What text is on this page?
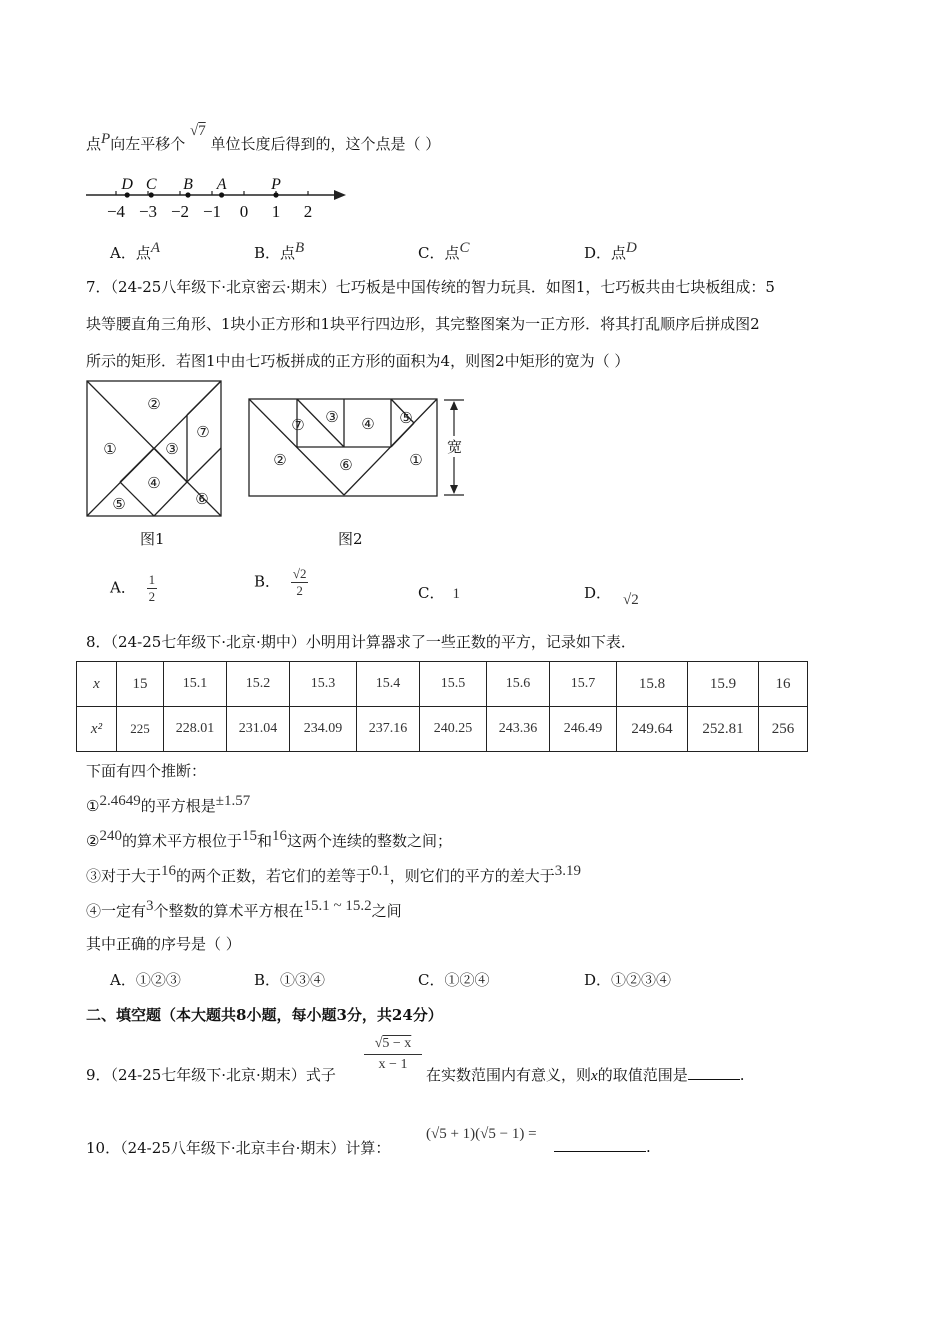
点$^P$向左平移个 √7 单位长度后得到的，这个点是（ ）
−4 −3 −2 −1 0 1 2
D C B A	P
A．点$^A$	B．点$^B$	C．点$^C$	D．点$^D$
7．（24-25八年级下·北京密云·期末）七巧板是中国传统的智力玩具．如图1，七巧板共由七块板组成：5
块等腰直角三角形、1块小正方形和1块平行四边形，其完整图案为一正方形．将其打乱顺序后拼成图2
所示的矩形．若图1中由七巧板拼成的正方形的面积为4，则图2中矩形的宽为（ ）
②
①	③
⑦
④
⑤	⑥
图1
⑦ ③ ④ ⑤
②	⑥	①
宽
图2
A． $\frac{1}{2}$	B． $\frac{√2}{2}$	C． 1	D． √2
8．（24-25七年级下·北京·期中）小明用计算器求了一些正数的平方，记录如下表．
x	15	15.1	15.2	15.3	15.4	15.5	15.6	15.7	15.8	15.9	16
x²	225	228.01	231.04	234.09	237.16	240.25	243.36	246.49	249.64	252.81	256
下面有四个推断：
①$^{2.4649}$的平方根是$^{\pm 1.57}$
②$^{240}$的算术平方根位于$^{15}$和$^{16}$这两个连续的整数之间；
③对于大于$^{16}$的两个正数，若它们的差等于$^{0.1}$，则它们的平方的差大于$^{3.19}$
④一定有$^3$个整数的算术平方根在$^{15.1 \sim 15.2}$之间
其中正确的序号是（ ）
A．①②③	B．①③④	C．①②④	D．①②③④
二、填空题（本大题共8小题，每小题3分，共24分）
9．（24-25七年级下·北京·期末）式子
$\frac{√5 - x}{x - 1}$
在实数范围内有意义，则x的取值范围是	.
10．（24-25八年级下·北京丰台·期末）计算：
(√5 + 1)(√5 − 1) =
.
